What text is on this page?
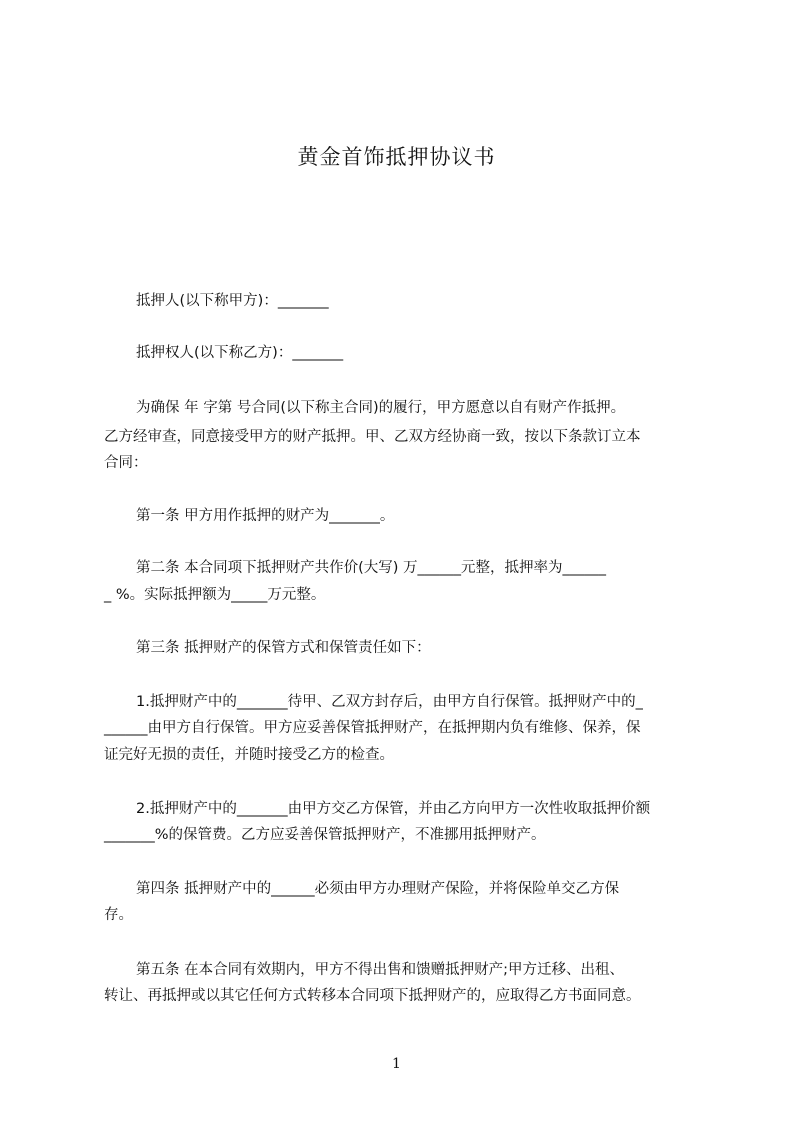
黄金首饰抵押协议书
抵押人(以下称甲方)：_______
抵押权人(以下称乙方)：_______
为确保 年 字第 号合同(以下称主合同)的履行，甲方愿意以自有财产作抵押。
乙方经审查，同意接受甲方的财产抵押。甲、乙双方经协商一致，按以下条款订立本
合同：
第一条 甲方用作抵押的财产为_______。
第二条 本合同项下抵押财产共作价(大写) 万______元整，抵押率为______
_ %。实际抵押额为_____万元整。
第三条 抵押财产的保管方式和保管责任如下：
1.抵押财产中的_______待甲、乙双方封存后，由甲方自行保管。抵押财产中的_
______由甲方自行保管。甲方应妥善保管抵押财产，在抵押期内负有维修、保养，保
证完好无损的责任，并随时接受乙方的检查。
2.抵押财产中的_______由甲方交乙方保管，并由乙方向甲方一次性收取抵押价额
_______%的保管费。乙方应妥善保管抵押财产，不准挪用抵押财产。
第四条 抵押财产中的______必须由甲方办理财产保险，并将保险单交乙方保
存。
第五条 在本合同有效期内，甲方不得出售和馈赠抵押财产;甲方迁移、出租、
转让、再抵押或以其它任何方式转移本合同项下抵押财产的，应取得乙方书面同意。
1
